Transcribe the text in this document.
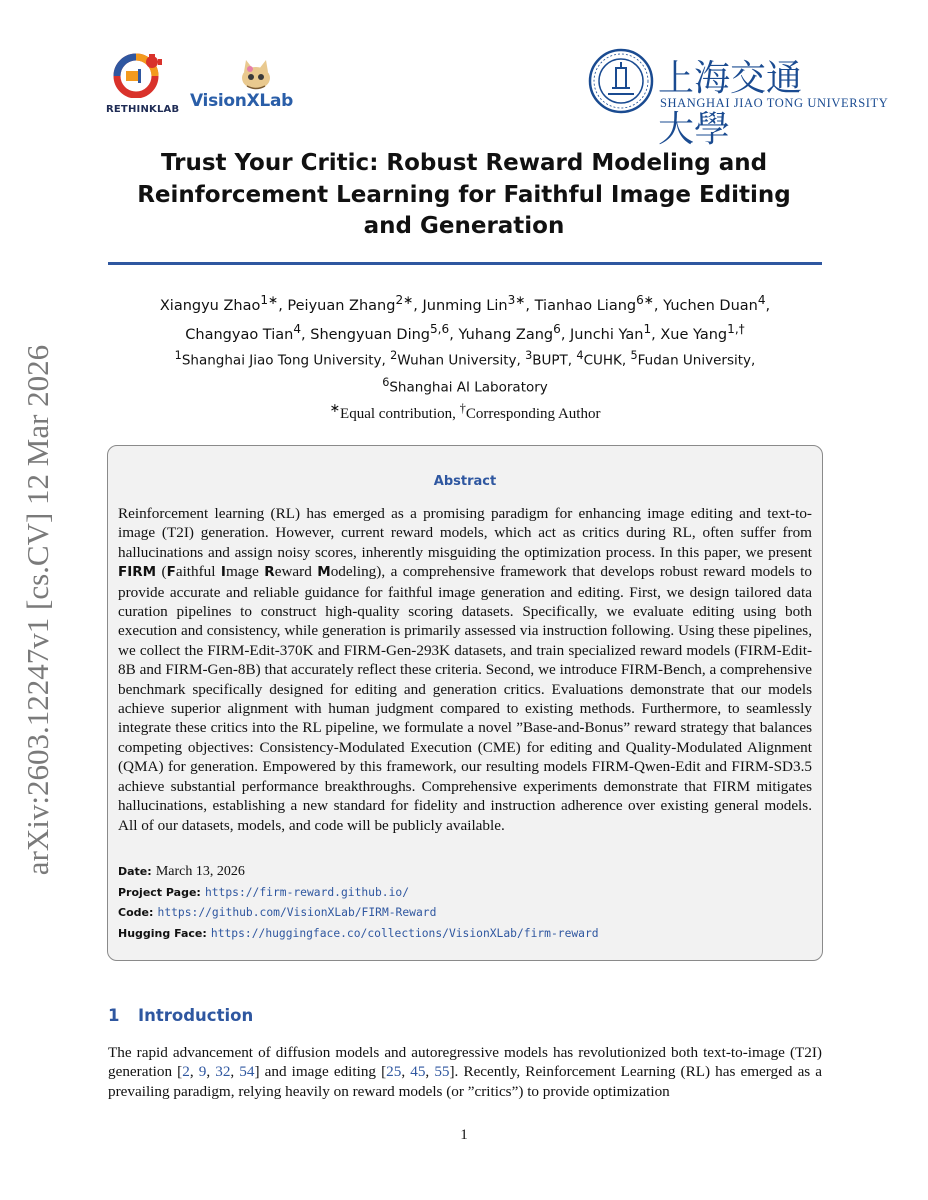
arXiv:2603.12247v1 [cs.CV] 12 Mar 2026
RETHINKLAB VisionXLab
上海交通大學
SHANGHAI JIAO TONG UNIVERSITY
Trust Your Critic: Robust Reward Modeling and Reinforcement Learning for Faithful Image Editing and Generation
Xiangyu Zhao$^{1∗}$, Peiyuan Zhang$^{2∗}$, Junming Lin$^{3∗}$, Tianhao Liang$^{6∗}$, Yuchen Duan$^4$,
Changyao Tian$^4$, Shengyuan Ding$^{5,6}$, Yuhang Zang$^6$, Junchi Yan$^1$, Xue Yang$^{1,\dagger}$
$^1$Shanghai Jiao Tong University, $^2$Wuhan University, $^3$BUPT, $^4$CUHK, $^5$Fudan University,
$^6$Shanghai AI Laboratory
∗Equal contribution, †Corresponding Author
Abstract

Reinforcement learning (RL) has emerged as a promising paradigm for enhancing image editing and text-to-image (T2I) generation. However, current reward models, which act as critics during RL, often suffer from hallucinations and assign noisy scores, inherently misguiding the optimization process. In this paper, we present FIRM (Faithful Image Reward Modeling), a comprehensive framework that develops robust reward models to provide accurate and reliable guidance for faithful image generation and editing. First, we design tailored data curation pipelines to construct high-quality scoring datasets. Specifically, we evaluate editing using both execution and consistency, while generation is primarily assessed via instruction following. Using these pipelines, we collect the FIRM-Edit-370K and FIRM-Gen-293K datasets, and train specialized reward models (FIRM-Edit-8B and FIRM-Gen-8B) that accurately reflect these criteria. Second, we introduce FIRM-Bench, a comprehensive benchmark specifically designed for editing and generation critics. Evaluations demonstrate that our models achieve superior alignment with human judgment compared to existing methods. Furthermore, to seamlessly integrate these critics into the RL pipeline, we formulate a novel ”Base-and-Bonus” reward strategy that balances competing objectives: Consistency-Modulated Execution (CME) for editing and Quality-Modulated Alignment (QMA) for generation. Empowered by this framework, our resulting models FIRM-Qwen-Edit and FIRM-SD3.5 achieve substantial performance breakthroughs. Comprehensive experiments demonstrate that FIRM mitigates hallucinations, establishing a new standard for fidelity and instruction adherence over existing general models. All of our datasets, models, and code will be publicly available.

Date: March 13, 2026
Project Page: https://firm-reward.github.io/
Code: https://github.com/VisionXLab/FIRM-Reward
Hugging Face: https://huggingface.co/collections/VisionXLab/firm-reward
1 Introduction

The rapid advancement of diffusion models and autoregressive models has revolutionized both text-to-image (T2I) generation [2, 9, 32, 54] and image editing [25, 45, 55]. Recently, Reinforcement Learning (RL) has emerged as a prevailing paradigm, relying heavily on reward models (or ”critics”) to provide optimization

1
